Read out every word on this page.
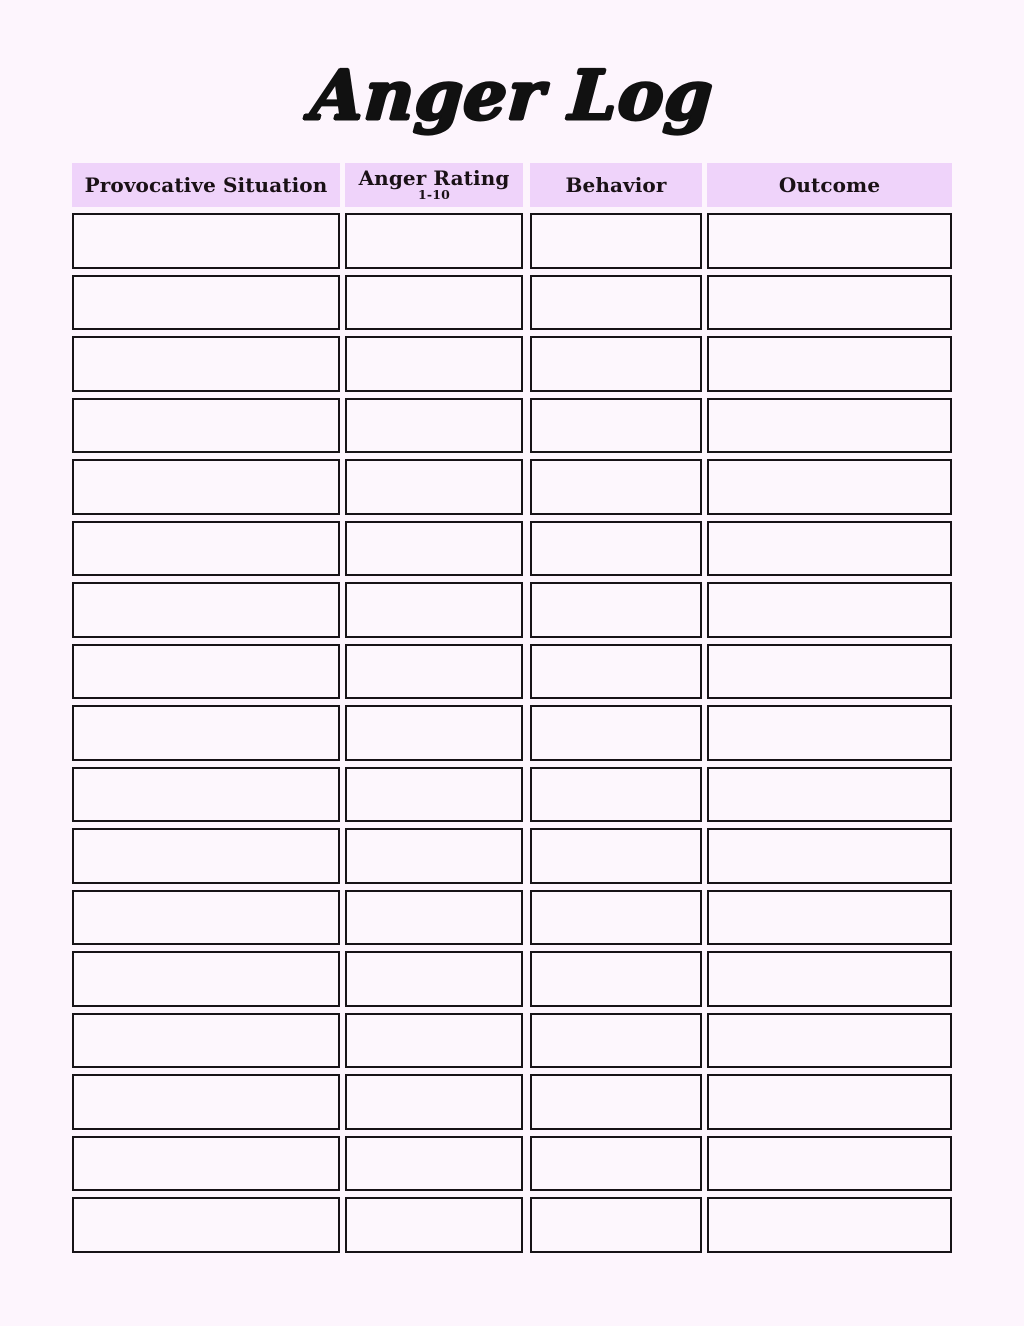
Anger Log
Provocative Situation Anger Rating
1-10	Behavior	Outcome
